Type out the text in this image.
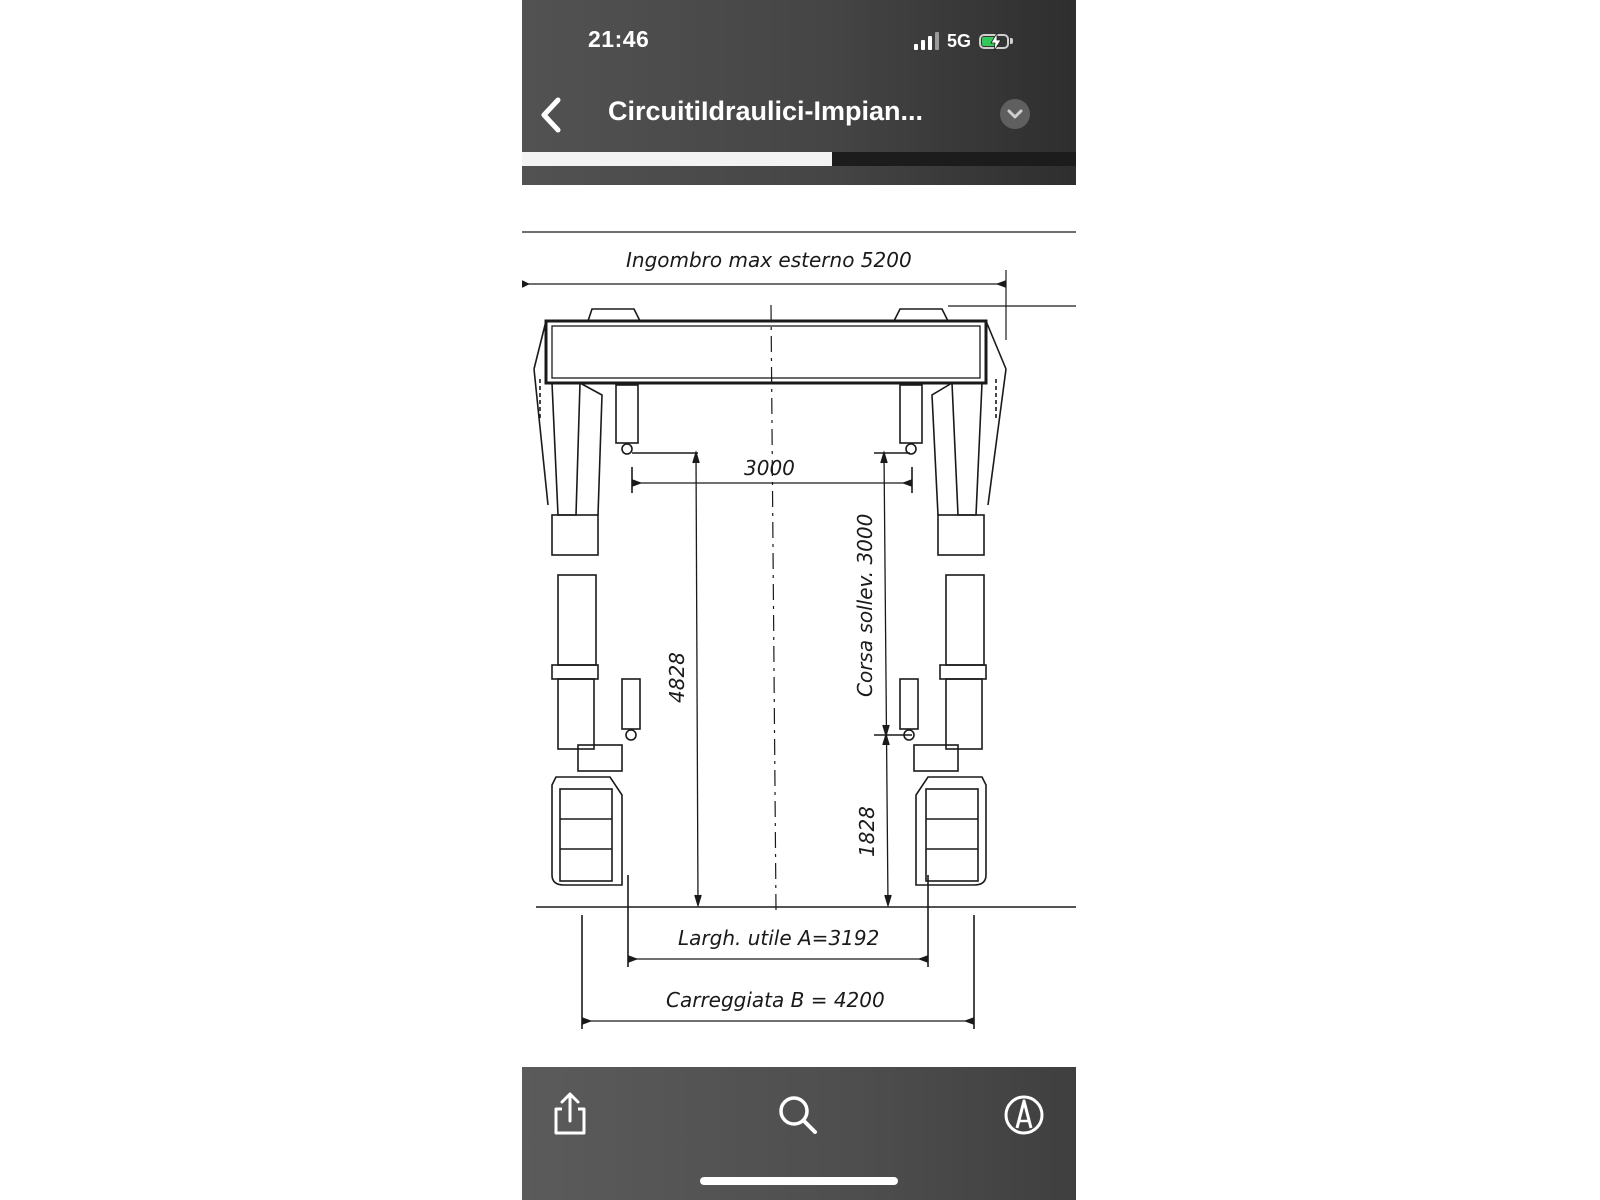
21:46	5G
CircuitiIdraulici-Impian...
Ingombro max esterno 5200
3000
4828	Corsa sollev. 3000
1828
Largh. utile A=3192
Carreggiata B = 4200
